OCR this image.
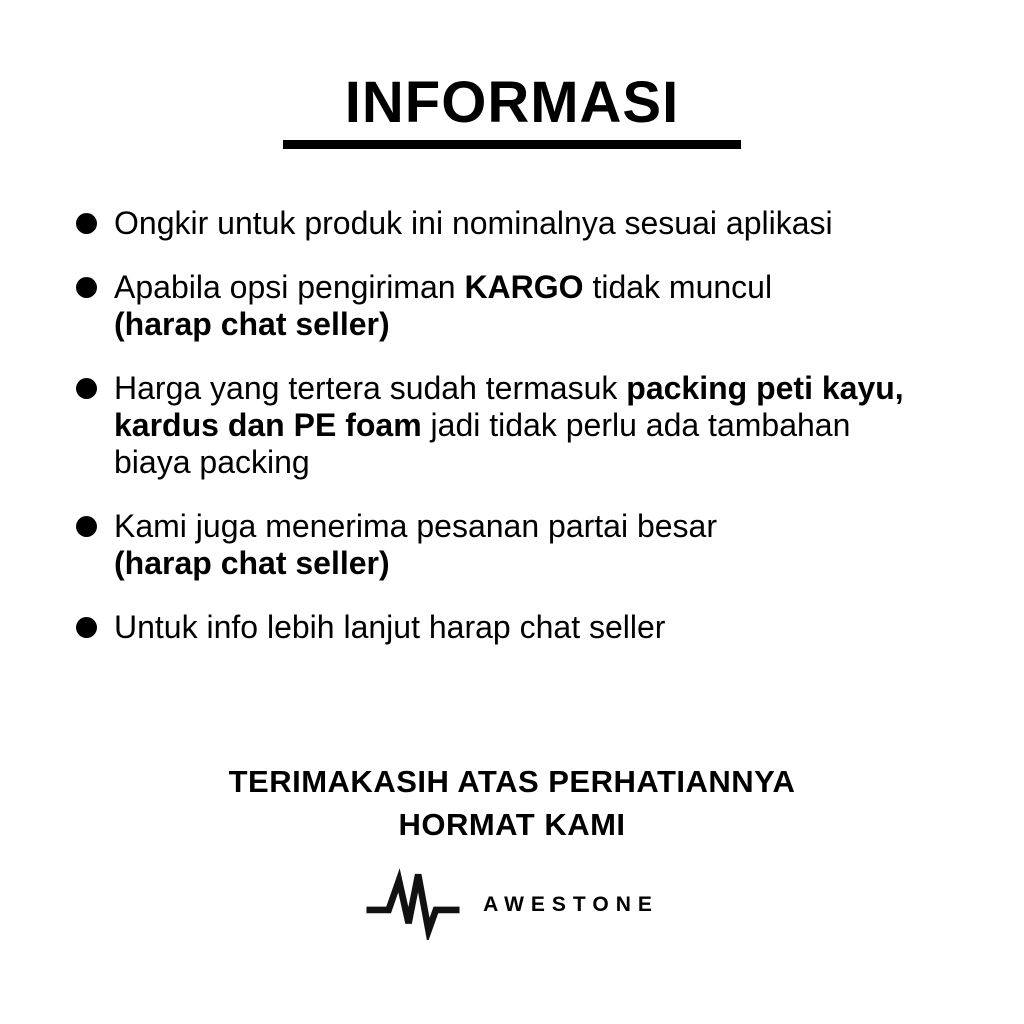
INFORMASI
Ongkir untuk produk ini nominalnya sesuai aplikasi
Apabila opsi pengiriman KARGO tidak muncul
(harap chat seller)
Harga yang tertera sudah termasuk packing peti kayu,
kardus dan PE foam jadi tidak perlu ada tambahan
biaya packing
Kami juga menerima pesanan partai besar
(harap chat seller)
Untuk info lebih lanjut harap chat seller
TERIMAKASIH ATAS PERHATIANNYA
HORMAT KAMI
AWESTONE
